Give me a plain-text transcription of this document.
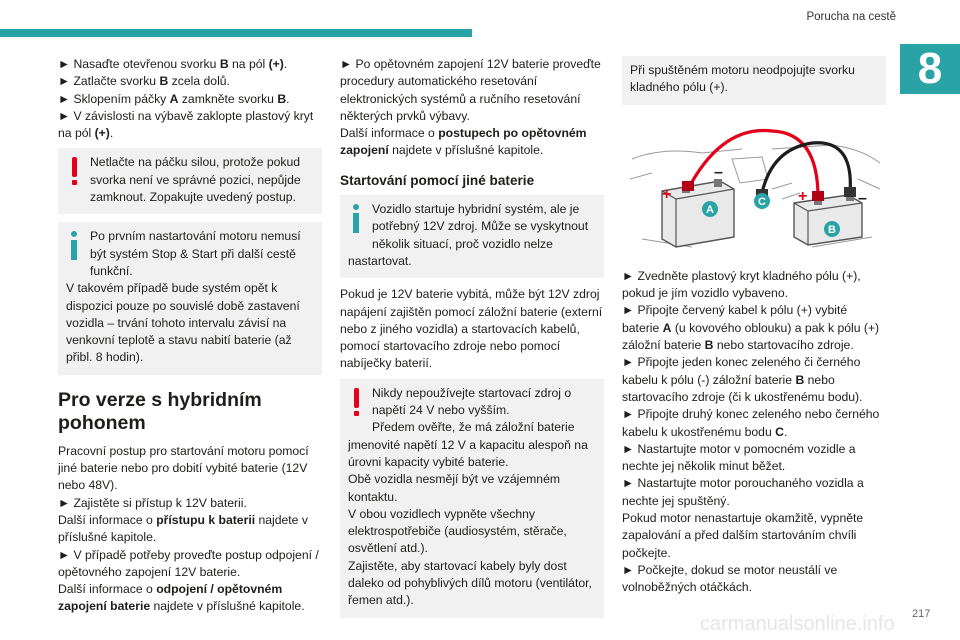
Porucha na cestě
8

► Nasaďte otevřenou svorku B na pól (+).

► Zatlačte svorku B zcela dolů.

► Sklopením páčky A zamkněte svorku B.

► V závislosti na výbavě zaklopte plastový kryt na pól (+).

Netlačte na páčku silou, protože pokud svorka není ve správné pozici, nepůjde zamknout. Zopakujte uvedený postup.

Po prvním nastartování motoru nemusí být systém Stop & Start při další cestě funkční.

V takovém případě bude systém opět k dispozici pouze po souvislé době zastavení vozidla – trvání tohoto intervalu závisí na venkovní teplotě a stavu nabití baterie (až přibl. 8 hodin).

Pro verze s hybridním pohonem

Pracovní postup pro startování motoru pomocí jiné baterie nebo pro dobití vybité baterie (12V nebo 48V).

► Zajistěte si přístup k 12V baterii.

Další informace o přístupu k baterii najdete v příslušné kapitole.

► V případě potřeby proveďte postup odpojení / opětovného zapojení 12V baterie.

Další informace o odpojení / opětovném zapojení baterie najdete v příslušné kapitole.

► Po opětovném zapojení 12V baterie proveďte procedury automatického resetování elektronických systémů a ručního resetování některých prvků výbavy.

Další informace o postupech po opětovném zapojení najdete v příslušné kapitole.

Startování pomocí jiné baterie

Vozidlo startuje hybridní systém, ale je potřebný 12V zdroj. Může se vyskytnout několik situací, proč vozidlo nelze nastartovat.

Pokud je 12V baterie vybitá, může být 12V zdroj napájení zajištěn pomocí záložní baterie (externí nebo z jiného vozidla) a startovacích kabelů, pomocí startovacího zdroje nebo pomocí nabíječky baterií.

Nikdy nepoužívejte startovací zdroj o napětí 24 V nebo vyšším.

Předem ověřte, že má záložní baterie jmenovité napětí 12 V a kapacitu alespoň na úrovni kapacity vybité baterie.

Obě vozidla nesmějí být ve vzájemném kontaktu.

V obou vozidlech vypněte všechny elektrospotřebiče (audiosystém, stěrače, osvětlení atd.).

Zajistěte, aby startovací kabely byly dost daleko od pohyblivých dílů motoru (ventilátor, řemen atd.).

Při spuštěném motoru neodpojujte svorku kladného pólu (+).

+
–
+	–
A
B
C

► Zvedněte plastový kryt kladného pólu (+), pokud je jím vozidlo vybaveno.

► Připojte červený kabel k pólu (+) vybité baterie A (u kovového oblouku) a pak k pólu (+) záložní baterie B nebo startovacího zdroje.

► Připojte jeden konec zeleného či černého kabelu k pólu (-) záložní baterie B nebo startovacího zdroje (či k ukostřenému bodu).

► Připojte druhý konec zeleného nebo černého kabelu k ukostřenému bodu C.

► Nastartujte motor v pomocném vozidle a nechte jej několik minut běžet.

► Nastartujte motor porouchaného vozidla a nechte jej spuštěný.

Pokud motor nenastartuje okamžitě, vypněte zapalování a před dalším startováním chvíli počkejte.

► Počkejte, dokud se motor neustálí ve volnoběžných otáčkách.

217
carmanualsonline.info
